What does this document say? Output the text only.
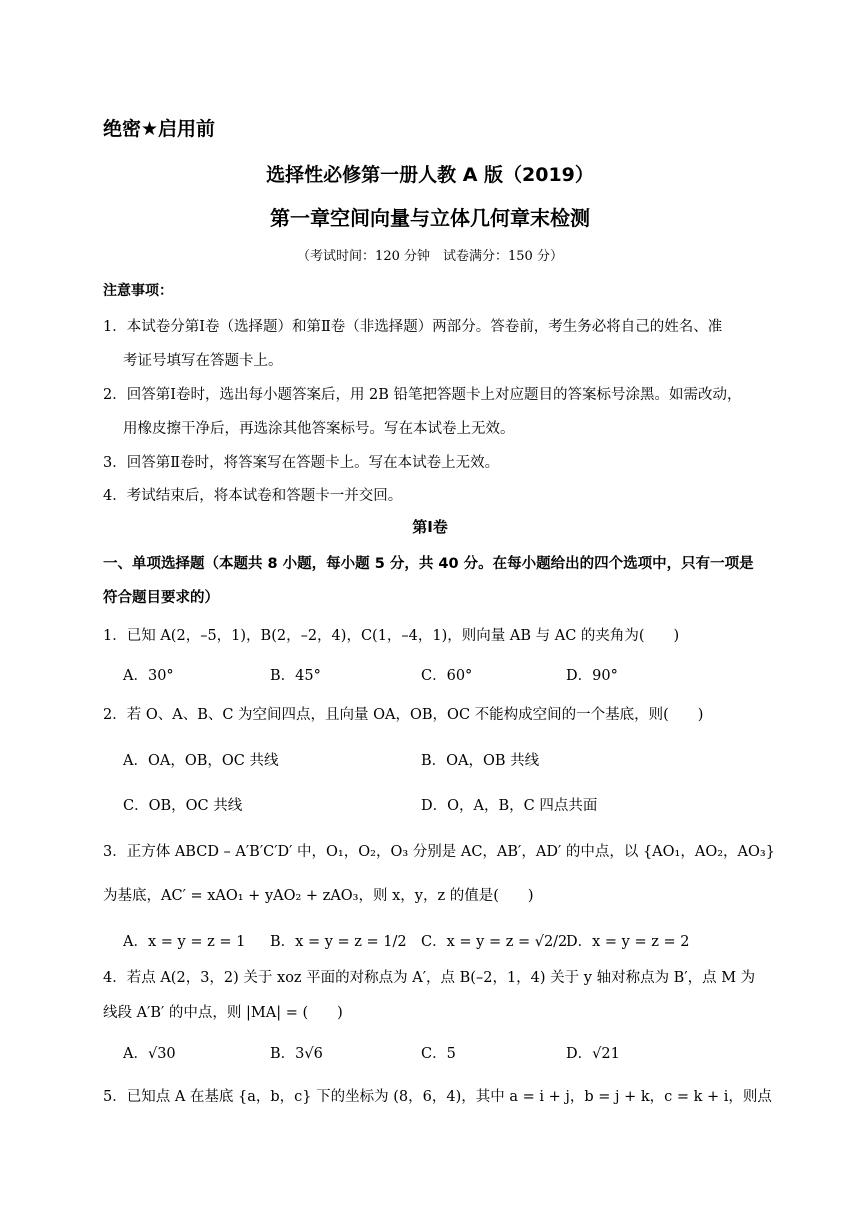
绝密★启用前
选择性必修第一册人教 A 版（2019）
第一章空间向量与立体几何章末检测
（考试时间：120 分钟　试卷满分：150 分）
注意事项：
1．本试卷分第Ⅰ卷（选择题）和第Ⅱ卷（非选择题）两部分。答卷前，考生务必将自己的姓名、准
考证号填写在答题卡上。
2．回答第Ⅰ卷时，选出每小题答案后，用 2B 铅笔把答题卡上对应题目的答案标号涂黑。如需改动，
用橡皮擦干净后，再选涂其他答案标号。写在本试卷上无效。
3．回答第Ⅱ卷时，将答案写在答题卡上。写在本试卷上无效。
4．考试结束后，将本试卷和答题卡一并交回。
第Ⅰ卷
一、单项选择题（本题共 8 小题，每小题 5 分，共 40 分。在每小题给出的四个选项中，只有一项是
符合题目要求的）
1．已知 A(2，–5，1)，B(2，–2，4)，C(1，–4，1)，则向量 AB 与 AC 的夹角为(　　)
A．30°	B．45°	C．60°	D．90°
2．若 O、A、B、C 为空间四点，且向量 OA，OB，OC 不能构成空间的一个基底，则(　　)
A．OA，OB，OC 共线	B．OA，OB 共线
C．OB，OC 共线	D．O，A，B，C 四点共面
3．正方体 ABCD – A′B′C′D′ 中，O₁，O₂，O₃ 分别是 AC，AB′，AD′ 的中点，以 {AO₁，AO₂，AO₃}
为基底，AC′ = xAO₁ + yAO₂ + zAO₃，则 x，y，z 的值是(　　)
A．x = y = z = 1 B．x = y = z = 1/2 C．x = y = z = √2/2
D．x = y = z = 2
4．若点 A(2，3，2) 关于 xoz 平面的对称点为 A′，点 B(–2，1，4) 关于 y 轴对称点为 B′，点 M 为
线段 A′B′ 的中点，则 |MA| = (　　)
A．√30	B．3√6	C．5	D．√21
5．已知点 A 在基底 {a，b，c} 下的坐标为 (8，6，4)，其中 a = i + j，b = j + k，c = k + i，则点
